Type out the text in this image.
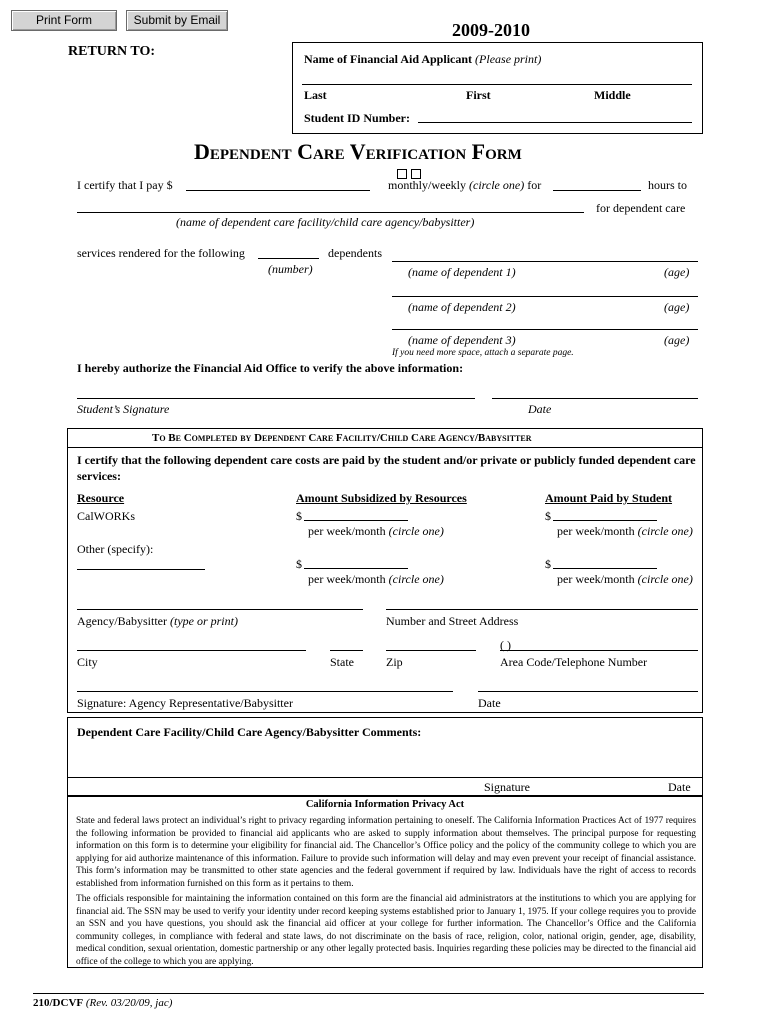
Print Form	Submit by Email	2009-2010
RETURN TO:	Name of Financial Aid Applicant (Please print)
Last	First	Middle
Student ID Number:
Dependent Care Verification Form
I certify that I pay $	monthly/weekly (circle one) for	hours to
for dependent care
(name of dependent care facility/child care agency/babysitter)
services rendered for the following	dependents
(number)	(name of dependent 1)	(age)
(name of dependent 2)	(age)
(name of dependent 3)	(age)
If you need more space, attach a separate page.
I hereby authorize the Financial Aid Office to verify the above information:
Student’s Signature	Date
To Be Completed by Dependent Care Facility/Child Care Agency/Babysitter
I certify that the following dependent care costs are paid by the student and/or private or publicly funded dependent care services:
Resource	Amount Subsidized by Resources	Amount Paid by Student
CalWORKs	$	$
per week/month (circle one)	per week/month (circle one)
Other (specify):
$	$
per week/month (circle one)	per week/month (circle one)
Agency/Babysitter (type or print)	Number and Street Address
( )
City	State	Zip	Area Code/Telephone Number
Signature: Agency Representative/Babysitter	Date
Dependent Care Facility/Child Care Agency/Babysitter Comments:
Signature	Date
California Information Privacy Act
State and federal laws protect an individual’s right to privacy regarding information pertaining to oneself. The California Information Practices Act of 1977 requires the following information be provided to financial aid applicants who are asked to supply information about themselves. The principal purpose for requesting information on this form is to determine your eligibility for financial aid. The Chancellor’s Office policy and the policy of the community college to which you are applying for aid authorize maintenance of this information. Failure to provide such information will delay and may even prevent your receipt of financial assistance. This form’s information may be transmitted to other state agencies and the federal government if required by law. Individuals have the right of access to records established from information furnished on this form as it pertains to them.
The officials responsible for maintaining the information contained on this form are the financial aid administrators at the institutions to which you are applying for financial aid. The SSN may be used to verify your identity under record keeping systems established prior to January 1, 1975. If your college requires you to provide an SSN and you have questions, you should ask the financial aid officer at your college for further information. The Chancellor’s Office and the California community colleges, in compliance with federal and state laws, do not discriminate on the basis of race, religion, color, national origin, gender, age, disability, medical condition, sexual orientation, domestic partnership or any other legally protected basis. Inquiries regarding these policies may be directed to the financial aid office of the college to which you are applying.
210/DCVF (Rev. 03/20/09, jac)
